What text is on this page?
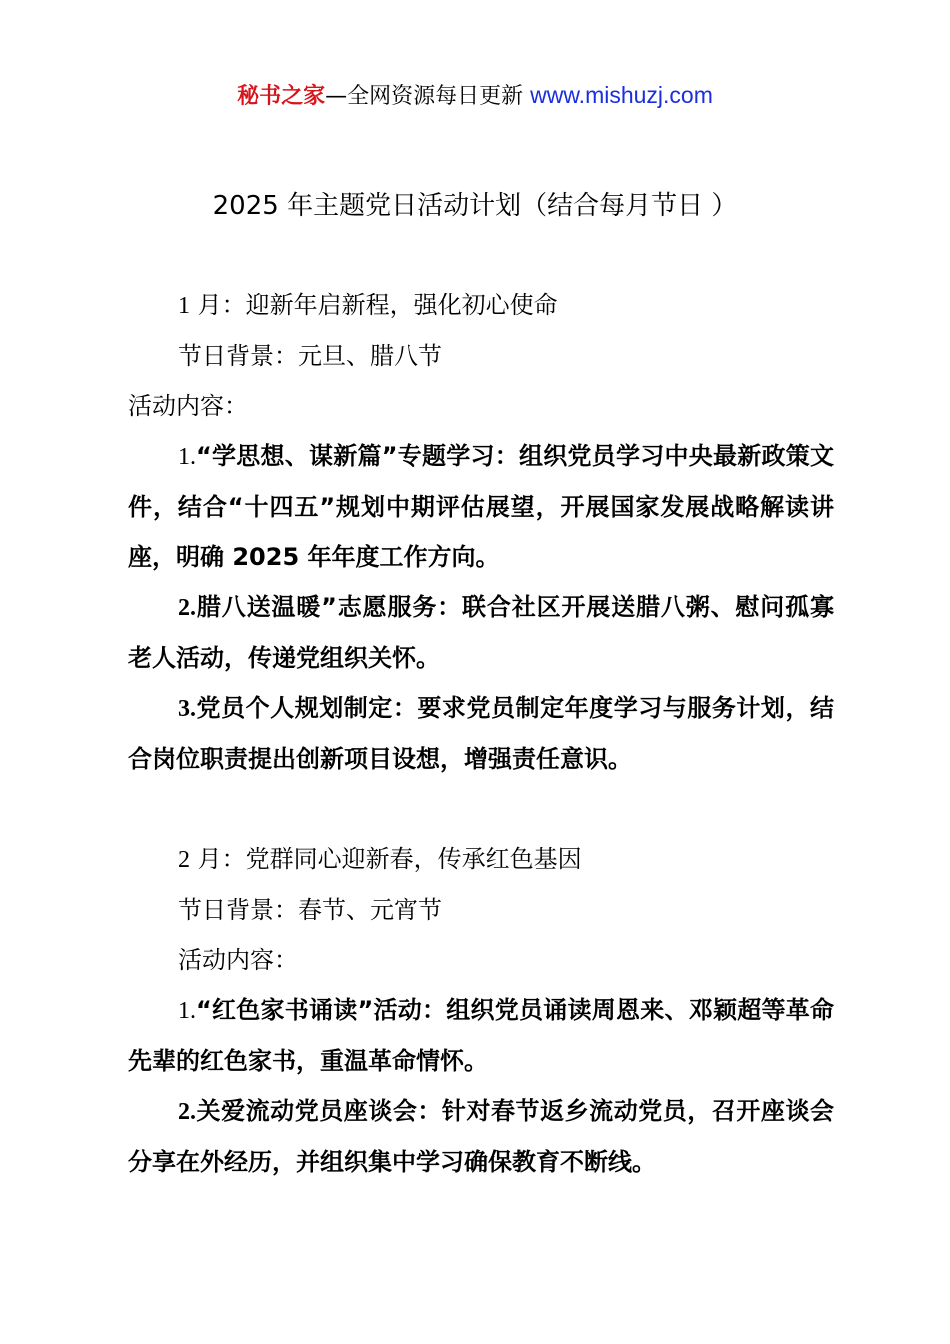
秘书之家—全网资源每日更新 www.mishuzj.com
2025 年主题党日活动计划（结合每月节日 ）

1 月：迎新年启新程，强化初心使命

节日背景：元旦、腊八节

活动内容：

1.“学思想、谋新篇”专题学习：组织党员学习中央最新政策文件，结合“十四五”规划中期评估展望，开展国家发展战略解读讲座，明确 2025 年年度工作方向。

2.腊八送温暖”志愿服务：联合社区开展送腊八粥、慰问孤寡老人活动，传递党组织关怀。

3.党员个人规划制定：要求党员制定年度学习与服务计划，结合岗位职责提出创新项目设想，增强责任意识。

2 月：党群同心迎新春，传承红色基因

节日背景：春节、元宵节

活动内容：

1.“红色家书诵读”活动：组织党员诵读周恩来、邓颖超等革命先辈的红色家书，重温革命情怀。

2.关爱流动党员座谈会：针对春节返乡流动党员，召开座谈会分享在外经历，并组织集中学习确保教育不断线。
